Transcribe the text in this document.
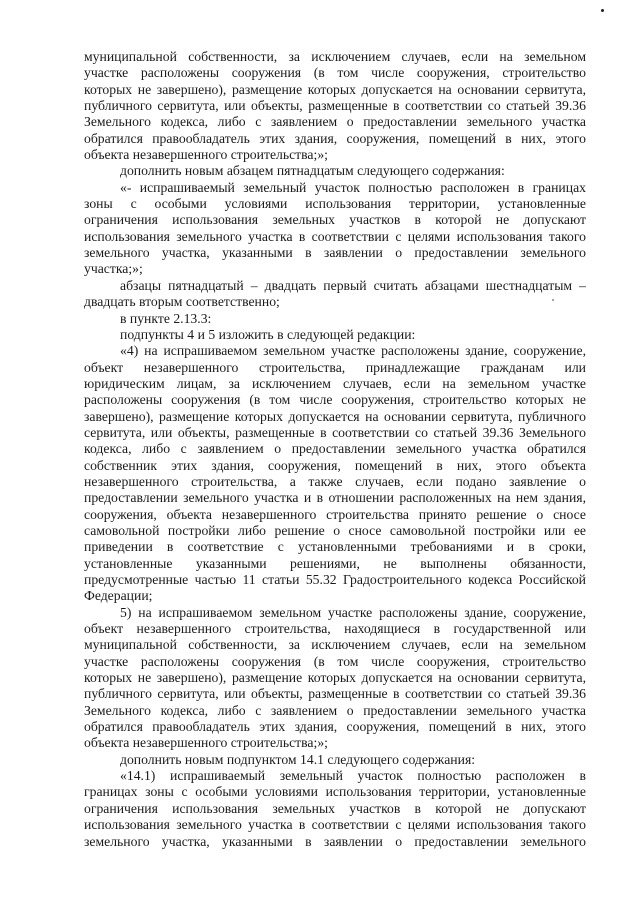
муниципальной собственности, за исключением случаев, если на земельном
участке расположены сооружения (в том числе сооружения, строительство
которых не завершено), размещение которых допускается на основании сервитута,
публичного сервитута, или объекты, размещенные в соответствии со статьей 39.36
Земельного кодекса, либо с заявлением о предоставлении земельного участка
обратился правообладатель этих здания, сооружения, помещений в них, этого
объекта незавершенного строительства;»;
дополнить новым абзацем пятнадцатым следующего содержания:
«- испрашиваемый земельный участок полностью расположен в границах
зоны с особыми условиями использования территории, установленные
ограничения использования земельных участков в которой не допускают
использования земельного участка в соответствии с целями использования такого
земельного участка, указанными в заявлении о предоставлении земельного
участка;»;
абзацы пятнадцатый – двадцать первый считать абзацами шестнадцатым –
двадцать вторым соответственно;
в пункте 2.13.3:
подпункты 4 и 5 изложить в следующей редакции:
«4) на испрашиваемом земельном участке расположены здание, сооружение,
объект незавершенного строительства, принадлежащие гражданам или
юридическим лицам, за исключением случаев, если на земельном участке
расположены сооружения (в том числе сооружения, строительство которых не
завершено), размещение которых допускается на основании сервитута, публичного
сервитута, или объекты, размещенные в соответствии со статьей 39.36 Земельного
кодекса, либо с заявлением о предоставлении земельного участка обратился
собственник этих здания, сооружения, помещений в них, этого объекта
незавершенного строительства, а также случаев, если подано заявление о
предоставлении земельного участка и в отношении расположенных на нем здания,
сооружения, объекта незавершенного строительства принято решение о сносе
самовольной постройки либо решение о сносе самовольной постройки или ее
приведении в соответствие с установленными требованиями и в сроки,
установленные указанными решениями, не выполнены обязанности,
предусмотренные частью 11 статьи 55.32 Градостроительного кодекса Российской
Федерации;
5) на испрашиваемом земельном участке расположены здание, сооружение,
объект незавершенного строительства, находящиеся в государственной или
муниципальной собственности, за исключением случаев, если на земельном
участке расположены сооружения (в том числе сооружения, строительство
которых не завершено), размещение которых допускается на основании сервитута,
публичного сервитута, или объекты, размещенные в соответствии со статьей 39.36
Земельного кодекса, либо с заявлением о предоставлении земельного участка
обратился правообладатель этих здания, сооружения, помещений в них, этого
объекта незавершенного строительства;»;
дополнить новым подпунктом 14.1 следующего содержания:
«14.1) испрашиваемый земельный участок полностью расположен в
границах зоны с особыми условиями использования территории, установленные
ограничения использования земельных участков в которой не допускают
использования земельного участка в соответствии с целями использования такого
земельного участка, указанными в заявлении о предоставлении земельного
